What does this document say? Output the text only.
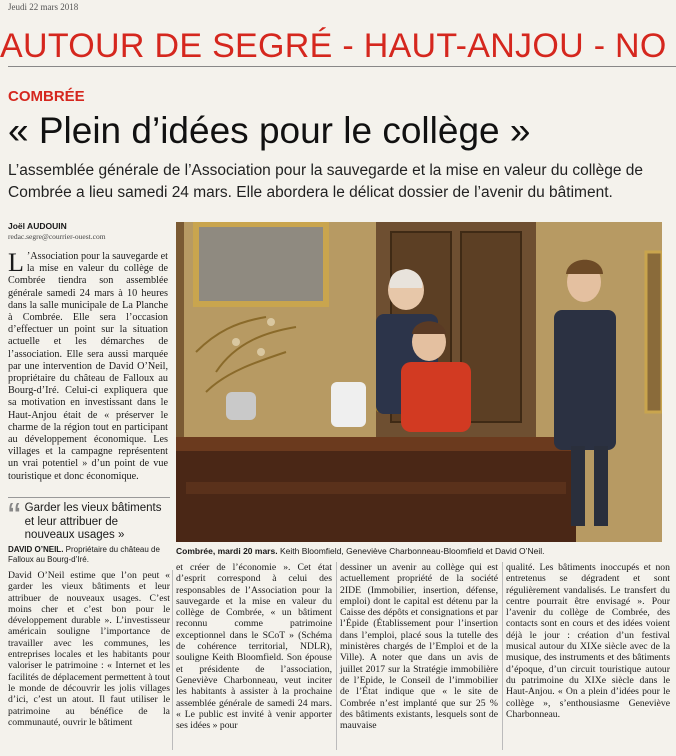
Jeudi 22 mars 2018
AUTOUR DE SEGRÉ - HAUT-ANJOU - NO
COMBRÉE
« Plein d’idées pour le collège »
L’assemblée générale de l’Association pour la sauvegarde et la mise en valeur du collège de Combrée a lieu samedi 24 mars. Elle abordera le délicat dossier de l’avenir du bâtiment.
Joël AUDOUIN
redac.segre@courrier-ouest.com
L ’Association pour la sauvegarde et la mise en valeur du collège de Combrée tiendra son assemblée générale samedi 24 mars à 10 heures dans la salle municipale de La Planche à Combrée. Elle sera l’occasion d’effectuer un point sur la situation actuelle et les démarches de l’association. Elle sera aussi marquée par une intervention de David O’Neil, propriétaire du château de Falloux au Bourg-d’Iré. Celui-ci expliquera que sa motivation en investissant dans le Haut-Anjou était de « préserver le charme de la région tout en participant au développement économique. Les villages et la campagne représentent un vrai potentiel » d’un point de vue touristique et donc économique.
“ Garder les vieux bâtiments et leur attribuer de nouveaux usages »
DAVID O’NEIL. Propriétaire du château de Falloux au Bourg-d’Iré.
Combrée, mardi 20 mars. Keith Bloomfield, Geneviève Charbonneau-Bloomfield et David O’Neil.
David O’Neil estime que l’on peut « garder les vieux bâtiments et leur attribuer de nouveaux usages. C’est moins cher et c’est bon pour le développement durable ». L’investisseur américain souligne l’importance de travailler avec les communes, les entreprises locales et les habitants pour valoriser le patrimoine : « Internet et les facilités de déplacement permettent à tout le monde de découvrir les jolis villages d’ici, c’est un atout. Il faut utiliser le patrimoine au bénéfice de la communauté, ouvrir le bâtiment
et créer de l’économie ». Cet état d’esprit correspond à celui des responsables de l’Association pour la sauvegarde et la mise en valeur du collège de Combrée, « un bâtiment reconnu comme patrimoine exceptionnel dans le SCoT » (Schéma de cohérence territorial, NDLR), souligne Keith Bloomfield. Son épouse et présidente de l’association, Geneviève Charbonneau, veut inciter les habitants à assister à la prochaine assemblée générale de samedi 24 mars. « Le public est invité à venir apporter ses idées » pour
dessiner un avenir au collège qui est actuellement propriété de la société 2IDE (Immobilier, insertion, défense, emploi) dont le capital est détenu par la Caisse des dépôts et consignations et par l’Épide (Établissement pour l’insertion dans l’emploi, placé sous la tutelle des ministères chargés de l’Emploi et de la Ville). A noter que dans un avis de juillet 2017 sur la Stratégie immobilière de l’Epide, le Conseil de l’immobilier de l’État indique que « le site de Combrée n’est implanté que sur 25 % des bâtiments existants, lesquels sont de mauvaise
qualité. Les bâtiments inoccupés et non entretenus se dégradent et sont régulièrement vandalisés. Le transfert du centre pourrait être envisagé ». Pour l’avenir du collège de Combrée, des contacts sont en cours et des idées voient déjà le jour : création d’un festival musical autour du XIXe siècle avec de la musique, des instruments et des bâtiments d’époque, d’un circuit touristique autour du patrimoine du XIXe siècle dans le Haut-Anjou. « On a plein d’idées pour le collège », s’enthousiasme Geneviève Charbonneau.
